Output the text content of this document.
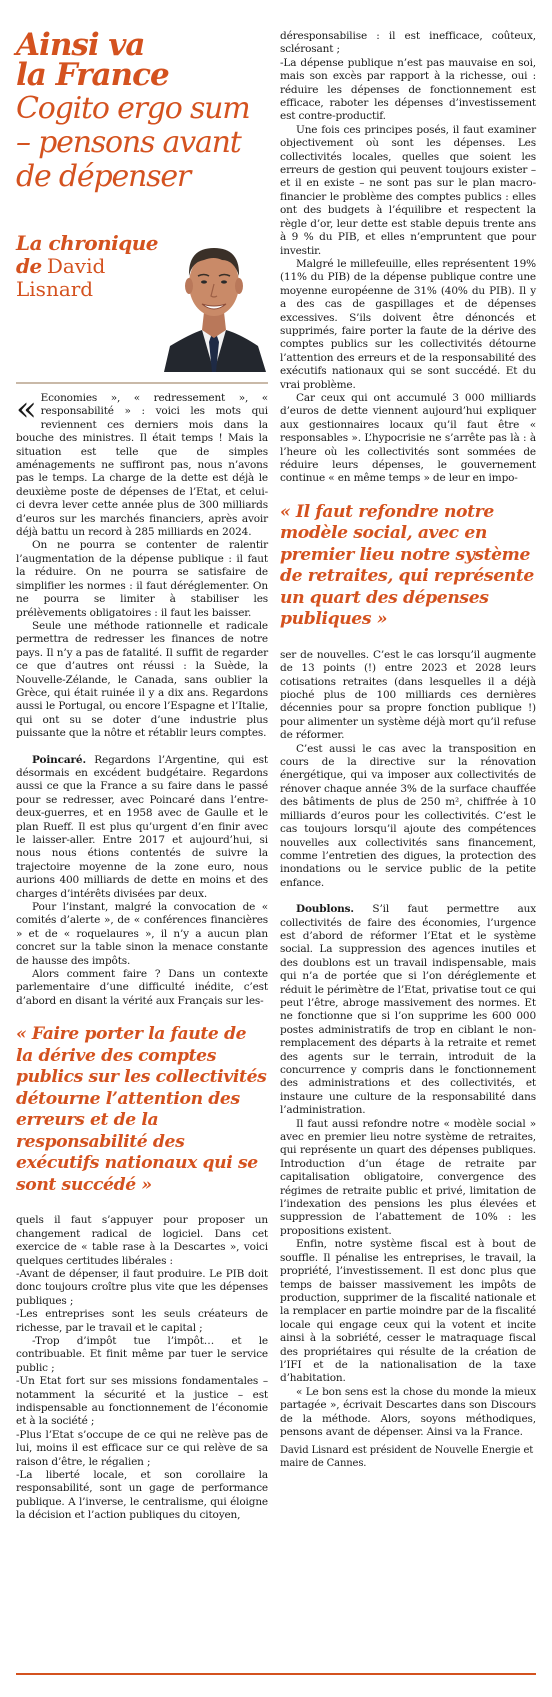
Ainsi va
la France
Cogito ergo sum – pensons avant de dépenser
La chronique
de David
Lisnard

« Economies », « redressement », « responsabilité » : voici les mots qui reviennent ces derniers mois dans la bouche des ministres. Il était temps ! Mais la situation est telle que de simples aménagements ne suffiront pas, nous n’avons pas le temps. La charge de la dette est déjà le deuxième poste de dépenses de l’Etat, et celui-ci devra lever cette année plus de 300 milliards d’euros sur les marchés financiers, après avoir déjà battu un record à 285 milliards en 2024.

On ne pourra se contenter de ralentir l’augmentation de la dépense publique : il faut la réduire. On ne pourra se satisfaire de simplifier les normes : il faut déréglementer. On ne pourra se limiter à stabiliser les prélèvements obligatoires : il faut les baisser.

Seule une méthode rationnelle et radicale permettra de redresser les finances de notre pays. Il n’y a pas de fatalité. Il suffit de regarder ce que d’autres ont réussi : la Suède, la Nouvelle-Zélande, le Canada, sans oublier la Grèce, qui était ruinée il y a dix ans. Regardons aussi le Portugal, ou encore l’Espagne et l’Italie, qui ont su se doter d’une industrie plus puissante que la nôtre et rétablir leurs comptes.

Poincaré. Regardons l’Argentine, qui est désormais en excédent budgétaire. Regardons aussi ce que la France a su faire dans le passé pour se redresser, avec Poincaré dans l’entre-deux-guerres, et en 1958 avec de Gaulle et le plan Rueff. Il est plus qu’urgent d’en finir avec le laisser-aller. Entre 2017 et aujourd’hui, si nous nous étions contentés de suivre la trajectoire moyenne de la zone euro, nous aurions 400 milliards de dette en moins et des charges d’intérêts divisées par deux.

Pour l’instant, malgré la convocation de « comités d’alerte », de « conférences financières » et de « roquelaures », il n’y a aucun plan concret sur la table sinon la menace constante de hausse des impôts.

Alors comment faire ? Dans un contexte parlementaire d’une difficulté inédite, c’est d’abord en disant la vérité aux Français sur les-

« Faire porter la faute de la dérive des comptes publics sur les collectivités détourne l’attention des erreurs et de la responsabilité des exécutifs nationaux qui se sont succédé »

quels il faut s’appuyer pour proposer un changement radical de logiciel. Dans cet exercice de « table rase à la Descartes », voici quelques certitudes libérales :

-Avant de dépenser, il faut produire. Le PIB doit donc toujours croître plus vite que les dépenses publiques ;

-Les entreprises sont les seuls créateurs de richesse, par le travail et le capital ;

-Trop d’impôt tue l’impôt… et le contribuable. Et finit même par tuer le service public ;

-Un Etat fort sur ses missions fondamentales – notamment la sécurité et la justice – est indispensable au fonctionnement de l’économie et à la société ;

-Plus l’Etat s’occupe de ce qui ne relève pas de lui, moins il est efficace sur ce qui relève de sa raison d’être, le régalien ;

-La liberté locale, et son corollaire la responsabilité, sont un gage de performance publique. A l’inverse, le centralisme, qui éloigne la décision et l’action publiques du citoyen,

déresponsabilise : il est inefficace, coûteux, sclérosant ;

-La dépense publique n’est pas mauvaise en soi, mais son excès par rapport à la richesse, oui : réduire les dépenses de fonctionnement est efficace, raboter les dépenses d’investissement est contre-productif.

Une fois ces principes posés, il faut examiner objectivement où sont les dépenses. Les collectivités locales, quelles que soient les erreurs de gestion qui peuvent toujours exister – et il en existe – ne sont pas sur le plan macro-financier le problème des comptes publics : elles ont des budgets à l’équilibre et respectent la règle d’or, leur dette est stable depuis trente ans à 9 % du PIB, et elles n’empruntent que pour investir.

Malgré le millefeuille, elles représentent 19% (11% du PIB) de la dépense publique contre une moyenne européenne de 31% (40% du PIB). Il y a des cas de gaspillages et de dépenses excessives. S’ils doivent être dénoncés et supprimés, faire porter la faute de la dérive des comptes publics sur les collectivités détourne l’attention des erreurs et de la responsabilité des exécutifs nationaux qui se sont succédé. Et du vrai problème.

Car ceux qui ont accumulé 3 000 milliards d’euros de dette viennent aujourd’hui expliquer aux gestionnaires locaux qu’il faut être « responsables ». L’hypocrisie ne s’arrête pas là : à l’heure où les collectivités sont sommées de réduire leurs dépenses, le gouvernement continue « en même temps » de leur en impo-

« Il faut refondre notre modèle social, avec en premier lieu notre système de retraites, qui représente un quart des dépenses publiques »

ser de nouvelles. C’est le cas lorsqu’il augmente de 13 points (!) entre 2023 et 2028 leurs cotisations retraites (dans lesquelles il a déjà pioché plus de 100 milliards ces dernières décennies pour sa propre fonction publique !) pour alimenter un système déjà mort qu’il refuse de réformer.

C’est aussi le cas avec la transposition en cours de la directive sur la rénovation énergétique, qui va imposer aux collectivités de rénover chaque année 3% de la surface chauffée des bâtiments de plus de 250 m², chiffrée à 10 milliards d’euros pour les collectivités. C’est le cas toujours lorsqu’il ajoute des compétences nouvelles aux collectivités sans financement, comme l’entretien des digues, la protection des inondations ou le service public de la petite enfance.

Doublons. S’il faut permettre aux collectivités de faire des économies, l’urgence est d’abord de réformer l’Etat et le système social. La suppression des agences inutiles et des doublons est un travail indispensable, mais qui n’a de portée que si l’on déréglemente et réduit le périmètre de l’Etat, privatise tout ce qui peut l’être, abroge massivement des normes. Et ne fonctionne que si l’on supprime les 600 000 postes administratifs de trop en ciblant le non-remplacement des départs à la retraite et remet des agents sur le terrain, introduit de la concurrence y compris dans le fonctionnement des administrations et des collectivités, et instaure une culture de la responsabilité dans l’administration.

Il faut aussi refondre notre « modèle social » avec en premier lieu notre système de retraites, qui représente un quart des dépenses publiques. Introduction d’un étage de retraite par capitalisation obligatoire, convergence des régimes de retraite public et privé, limitation de l’indexation des pensions les plus élevées et suppression de l’abattement de 10% : les propositions existent.

Enfin, notre système fiscal est à bout de souffle. Il pénalise les entreprises, le travail, la propriété, l’investissement. Il est donc plus que temps de baisser massivement les impôts de production, supprimer de la fiscalité nationale et la remplacer en partie moindre par de la fiscalité locale qui engage ceux qui la votent et incite ainsi à la sobriété, cesser le matraquage fiscal des propriétaires qui résulte de la création de l’IFI et de la nationalisation de la taxe d’habitation.

« Le bon sens est la chose du monde la mieux partagée », écrivait Descartes dans son Discours de la méthode. Alors, soyons méthodiques, pensons avant de dépenser. Ainsi va la France.

David Lisnard est président de Nouvelle Energie et maire de Cannes.
